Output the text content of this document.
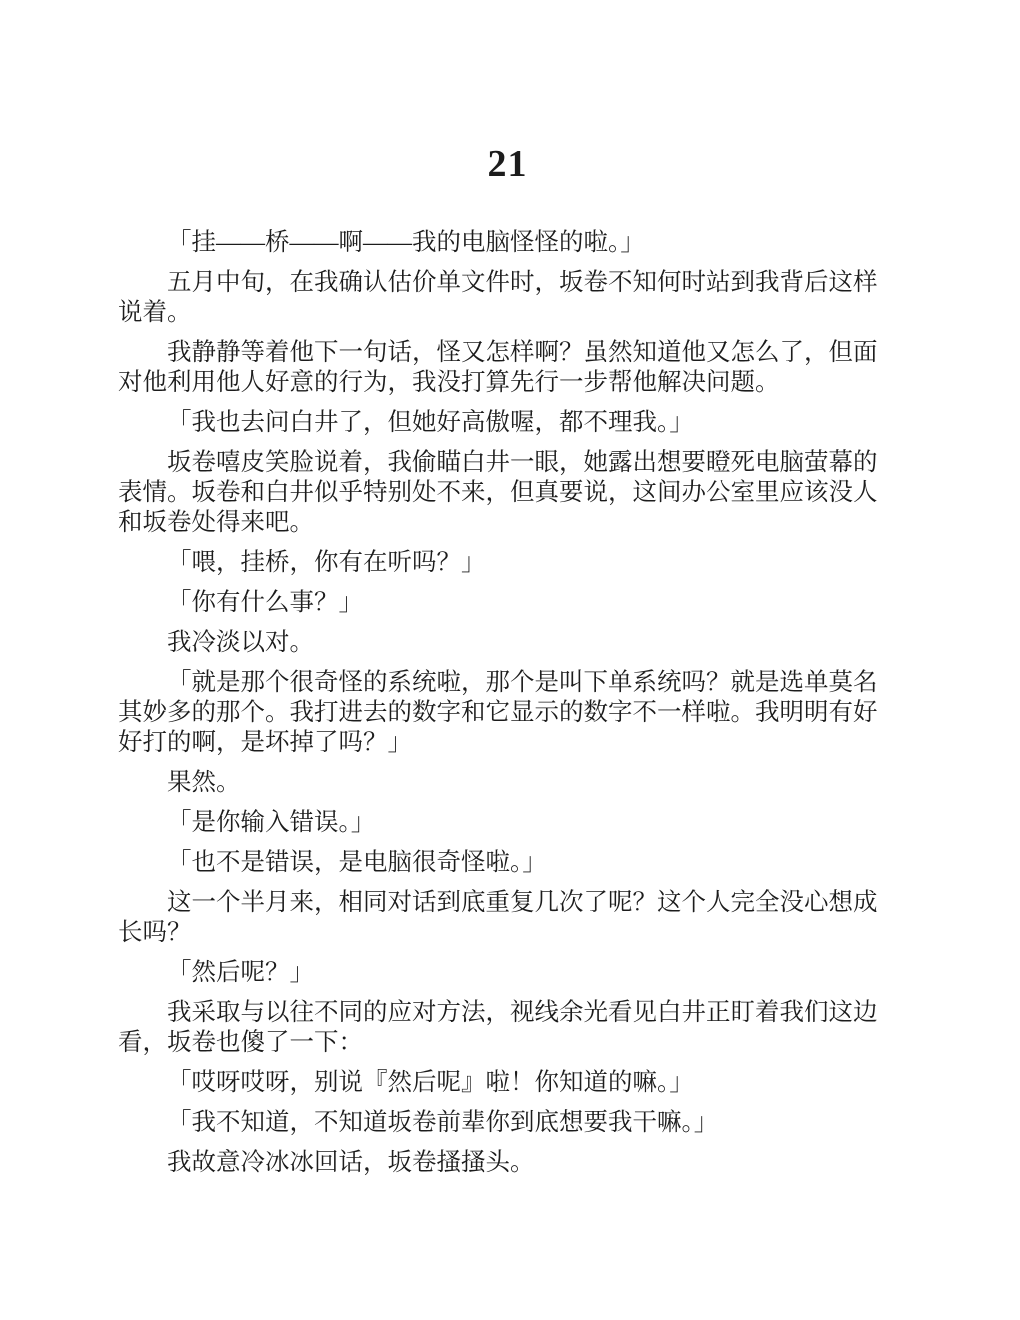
21

「挂——桥——啊——我的电脑怪怪的啦。」

五月中旬，在我确认估价单文件时，坂卷不知何时站到我背后这样说着。

我静静等着他下一句话，怪又怎样啊？虽然知道他又怎么了，但面对他利用他人好意的行为，我没打算先行一步帮他解决问题。

「我也去问白井了，但她好高傲喔，都不理我。」

坂卷嘻皮笑脸说着，我偷瞄白井一眼，她露出想要瞪死电脑萤幕的表情。坂卷和白井似乎特别处不来，但真要说，这间办公室里应该没人和坂卷处得来吧。

「喂，挂桥，你有在听吗？」

「你有什么事？」

我冷淡以对。

「就是那个很奇怪的系统啦，那个是叫下单系统吗？就是选单莫名其妙多的那个。我打进去的数字和它显示的数字不一样啦。我明明有好好打的啊，是坏掉了吗？」

果然。

「是你输入错误。」

「也不是错误，是电脑很奇怪啦。」

这一个半月来，相同对话到底重复几次了呢？这个人完全没心想成长吗？

「然后呢？」

我采取与以往不同的应对方法，视线余光看见白井正盯着我们这边看，坂卷也傻了一下：

「哎呀哎呀，别说『然后呢』啦！你知道的嘛。」

「我不知道，不知道坂卷前辈你到底想要我干嘛。」

我故意冷冰冰回话，坂卷搔搔头。
